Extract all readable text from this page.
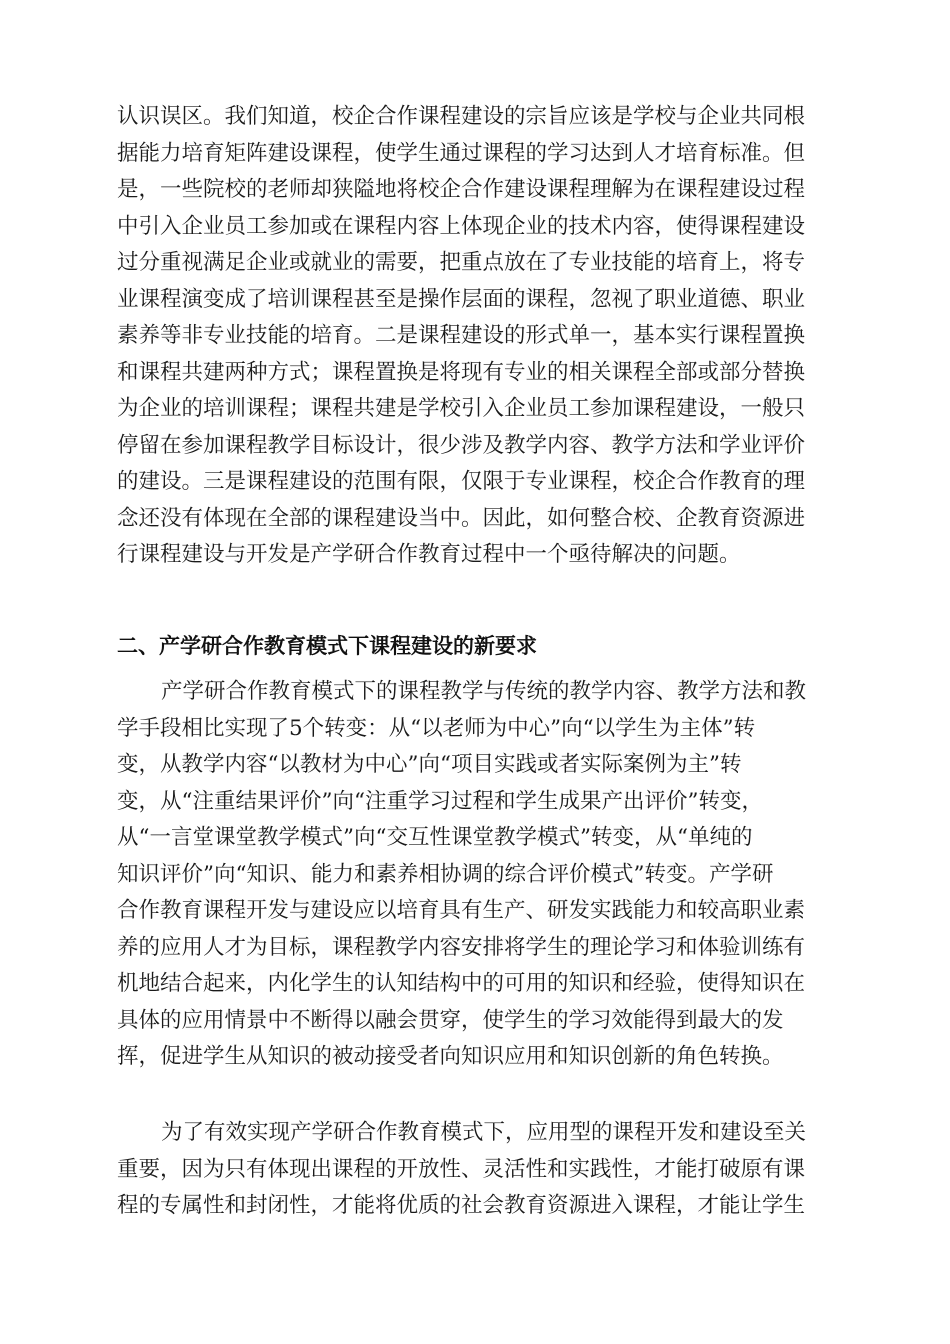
认识误区。我们知道，校企合作课程建设的宗旨应该是学校与企业共同根
据能力培育矩阵建设课程，使学生通过课程的学习达到人才培育标准。但
是，一些院校的老师却狭隘地将校企合作建设课程理解为在课程建设过程
中引入企业员工参加或在课程内容上体现企业的技术内容，使得课程建设
过分重视满足企业或就业的需要，把重点放在了专业技能的培育上，将专
业课程演变成了培训课程甚至是操作层面的课程，忽视了职业道德、职业
素养等非专业技能的培育。二是课程建设的形式单一，基本实行课程置换
和课程共建两种方式；课程置换是将现有专业的相关课程全部或部分替换
为企业的培训课程；课程共建是学校引入企业员工参加课程建设，一般只
停留在参加课程教学目标设计，很少涉及教学内容、教学方法和学业评价
的建设。三是课程建设的范围有限，仅限于专业课程，校企合作教育的理
念还没有体现在全部的课程建设当中。因此，如何整合校、企教育资源进
行课程建设与开发是产学研合作教育过程中一个亟待解决的问题。
二、产学研合作教育模式下课程建设的新要求
产学研合作教育模式下的课程教学与传统的教学内容、教学方法和教
学手段相比实现了5个转变：从“以老师为中心”向“以学生为主体”转
变，从教学内容“以教材为中心”向“项目实践或者实际案例为主”转
变，从“注重结果评价”向“注重学习过程和学生成果产出评价”转变，
从“一言堂课堂教学模式”向“交互性课堂教学模式”转变，从“单纯的
知识评价”向“知识、能力和素养相协调的综合评价模式”转变。产学研
合作教育课程开发与建设应以培育具有生产、研发实践能力和较高职业素
养的应用人才为目标，课程教学内容安排将学生的理论学习和体验训练有
机地结合起来，内化学生的认知结构中的可用的知识和经验，使得知识在
具体的应用情景中不断得以融会贯穿，使学生的学习效能得到最大的发
挥，促进学生从知识的被动接受者向知识应用和知识创新的角色转换。
为了有效实现产学研合作教育模式下，应用型的课程开发和建设至关
重要，因为只有体现出课程的开放性、灵活性和实践性，才能打破原有课
程的专属性和封闭性，才能将优质的社会教育资源进入课程，才能让学生
